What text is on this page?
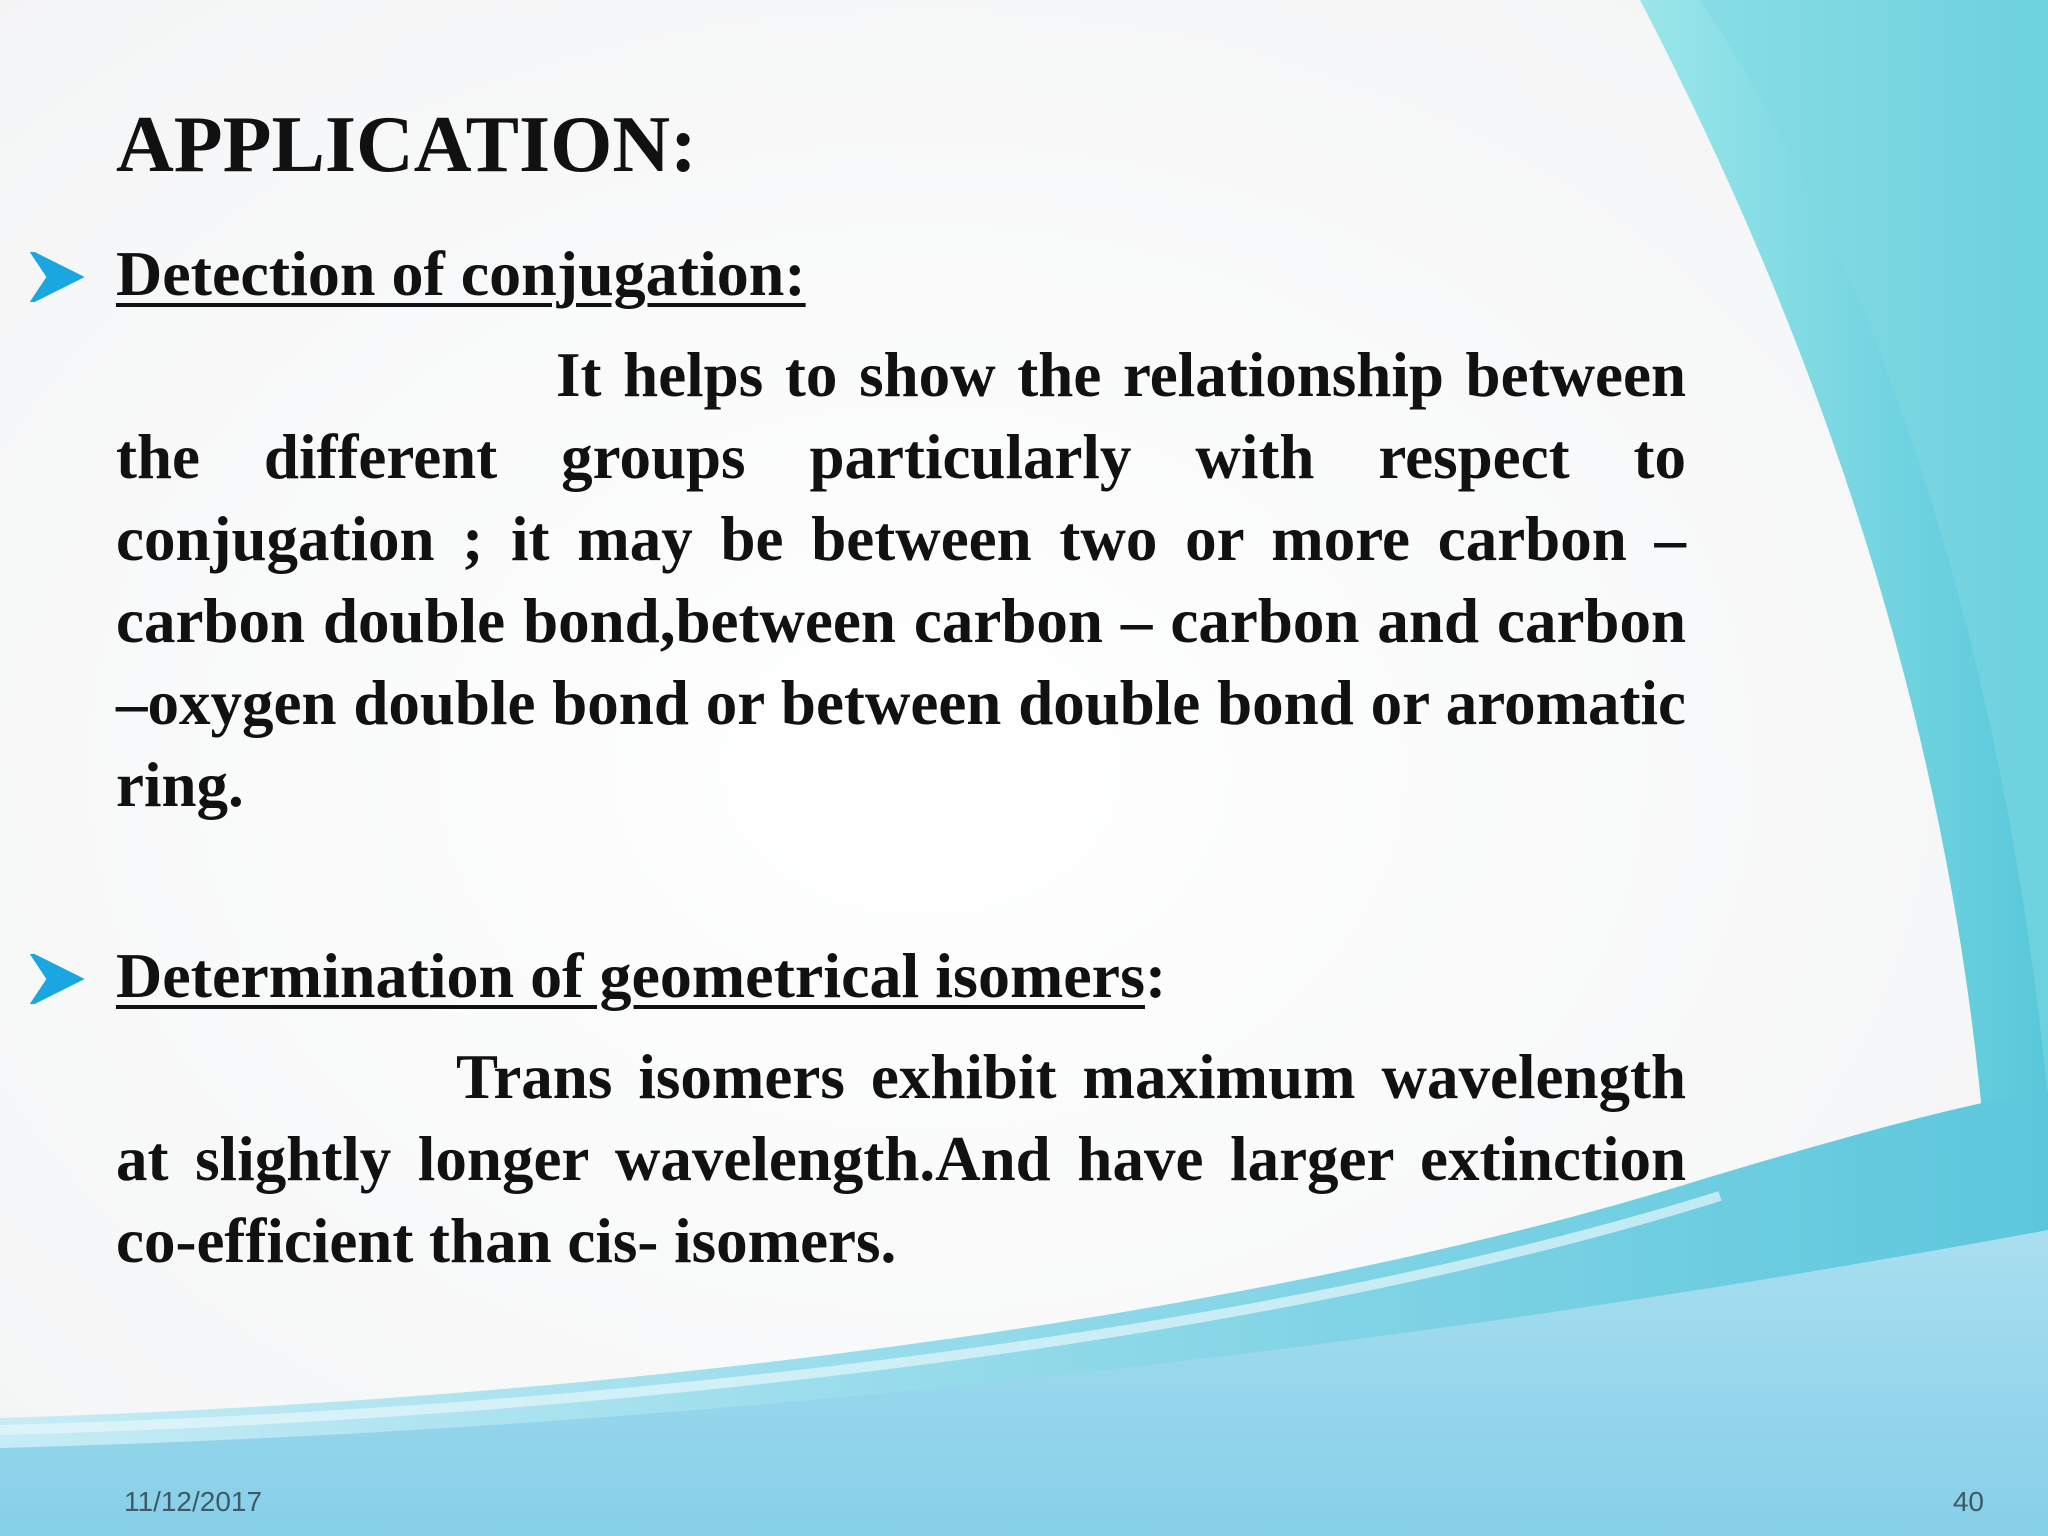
APPLICATION:
Detection of conjugation:

It helps to show the relationship between the different groups particularly with respect to conjugation ; it may be between two or more carbon –carbon double bond,between carbon – carbon and carbon –oxygen double bond or between double bond or aromatic ring.

Determination of geometrical isomers:

Trans isomers exhibit maximum wavelength at slightly longer wavelength.And have larger extinction co-efficient than cis- isomers.

11/12/2017	40
